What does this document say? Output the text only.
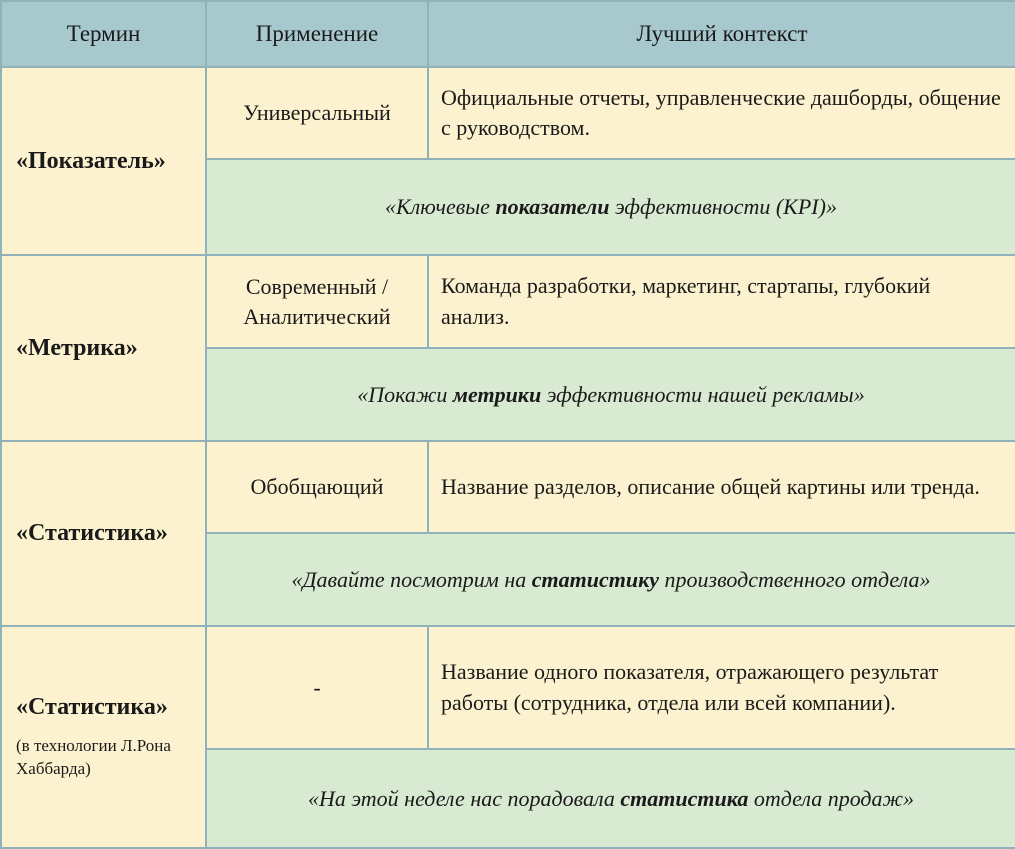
Термин	Применение	Лучший контекст

«Показатель»	Универсальный	Официальные отчеты, управленческие дашборды, общение с руководством.
	«Ключевые показатели эффективности (KPI)»	

«Метрика»	Современный / Аналитический	Команда разработки, маркетинг, стартапы, глубокий анализ.
	«Покажи метрики эффективности нашей рекламы»	

«Статистика»	Обобщающий	Название разделов, описание общей картины или тренда.
	«Давайте посмотрим на статистику производственного отдела»	

«Статистика»
(в технологии Л.Рона Хаббарда)	-	Название одного показателя, отражающего результат работы (сотрудника, отдела или всей компании).
	«На этой неделе нас порадовала статистика отдела продаж»	
